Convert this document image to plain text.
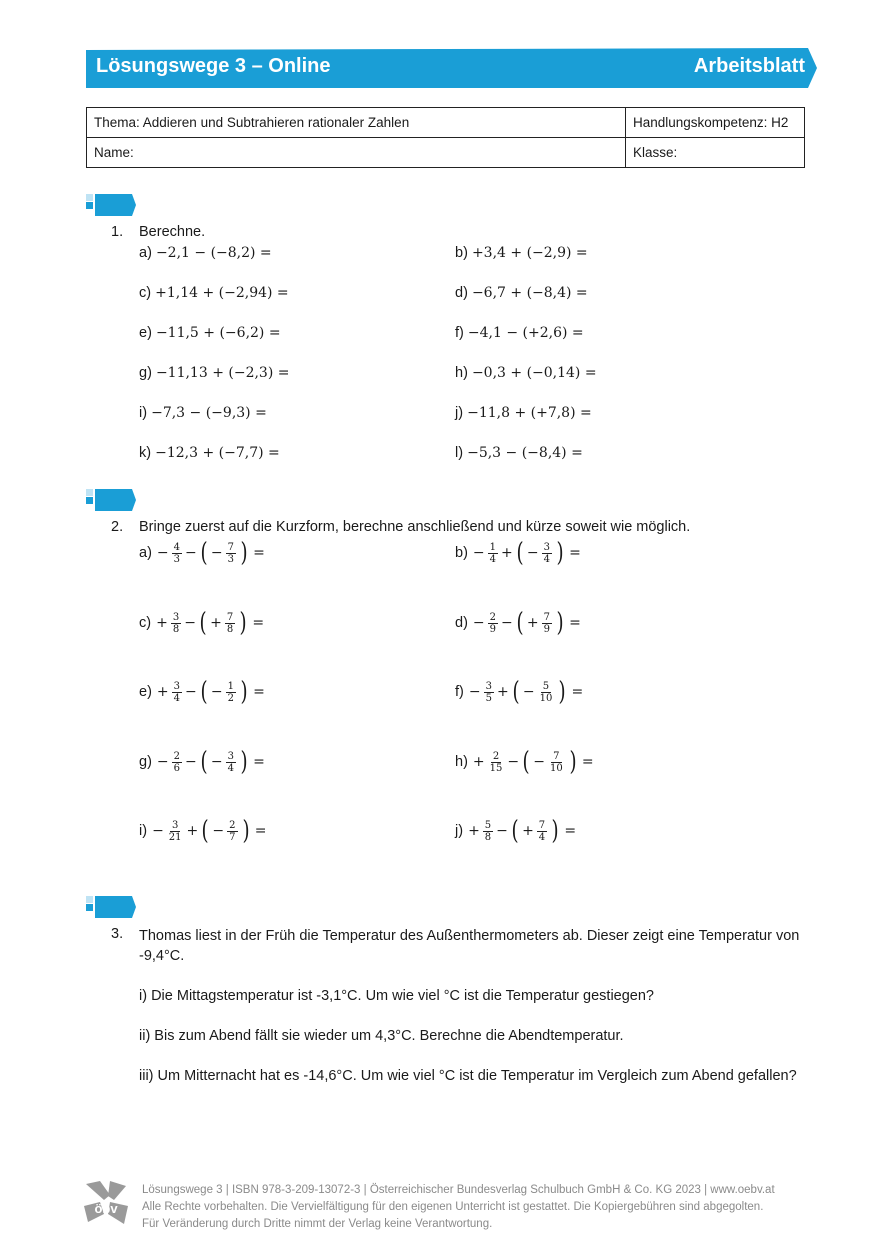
Lösungswege 3 – Online	Arbeitsblatt
Thema: Addieren und Subtrahieren rationaler Zahlen	Handlungskompetenz: H2
Name:	Klasse:
1. Berechne.
a) −2,1 − (−8,2) =	b) +3,4 + (−2,9) =
c) +1,14 + (−2,94) =	d) −6,7 + (−8,4) =
e) −11,5 + (−6,2) =	f) −4,1 − (+2,6) =
g) −11,13 + (−2,3) =	h) −0,3 + (−0,14) =
i) −7,3 − (−9,3) =	j) −11,8 + (+7,8) =
k) −12,3 + (−7,7) =	l) −5,3 − (−8,4) =
2. Bringe zuerst auf die Kurzform, berechne anschließend und kürze soweit wie möglich.
$a) - \frac{4}{3}$ − ( − $\frac{7}{3}$ ) =	$b) - \frac{1}{4}$ + ( − $\frac{3}{4}$ ) =
$c) + \frac{3}{8}$ − ( + $\frac{7}{8}$ ) =	$d) - \frac{2}{9}$ − ( + $\frac{7}{9}$ ) =
$e) + \frac{3}{4}$ − ( − $\frac{1}{2}$ ) =	$f) - \frac{3}{5}$ + ( − $\frac{5}{10}$ ) =
$g) - \frac{2}{6}$ − ( − $\frac{3}{4}$ ) =	$h) + \frac{2}{15}$ − ( − $\frac{7}{10}$ ) =
$i) - \frac{3}{21}$ + ( − $\frac{2}{7}$ ) =	$j) + \frac{5}{8}$ − ( + $\frac{7}{4}$ ) =
3. Thomas liest in der Früh die Temperatur des Außenthermometers ab. Dieser zeigt eine Temperatur von -9,4°C.
i) Die Mittagstemperatur ist -3,1°C. Um wie viel °C ist die Temperatur gestiegen?
ii) Bis zum Abend fällt sie wieder um 4,3°C. Berechne die Abendtemperatur.
iii) Um Mitternacht hat es -14,6°C. Um wie viel °C ist die Temperatur im Vergleich zum Abend gefallen?
öbv
Lösungswege 3 | ISBN 978-3-209-13072-3 | Österreichischer Bundesverlag Schulbuch GmbH & Co. KG 2023 | www.oebv.at
Alle Rechte vorbehalten. Die Vervielfältigung für den eigenen Unterricht ist gestattet. Die Kopiergebühren sind abgegolten.
Für Veränderung durch Dritte nimmt der Verlag keine Verantwortung.
